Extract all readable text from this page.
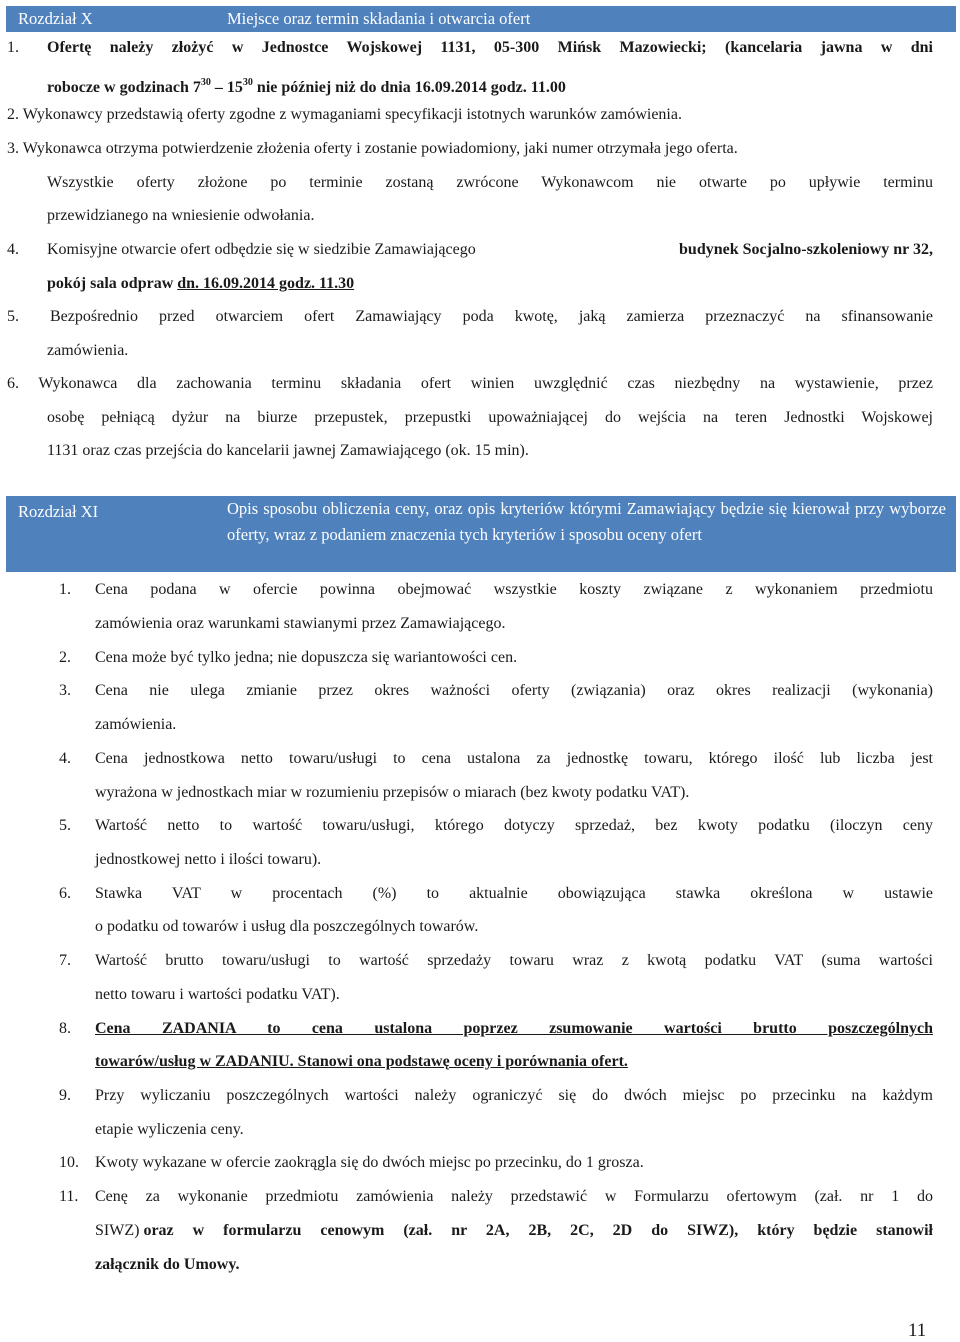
Rozdział X	Miejsce oraz termin składania i otwarcia ofert
1. Ofertę należy złożyć w Jednostce Wojskowej 1131, 05-300 Mińsk Mazowiecki; (kancelaria jawna w dni
robocze w godzinach $7^{30} - 15^{30}$ nie później niż do dnia 16.09.2014 godz. 11.00
2. Wykonawcy przedstawią oferty zgodne z wymaganiami specyfikacji istotnych warunków zamówienia.
3. Wykonawca otrzyma potwierdzenie złożenia oferty i zostanie powiadomiony, jaki numer otrzymała jego oferta.
Wszystkie oferty złożone po terminie zostaną zwrócone Wykonawcom nie otwarte po upływie terminu
przewidzianego na wniesienie odwołania.
4. Komisyjne otwarcie ofert odbędzie się w siedzibie Zamawiającego	budynek Socjalno-szkoleniowy nr 32,
pokój sala odpraw dn. 16.09.2014 godz. 11.30
5. Bezpośrednio przed otwarciem ofert Zamawiający poda kwotę, jaką zamierza przeznaczyć na sfinansowanie
zamówienia.
6. Wykonawca dla zachowania terminu składania ofert winien uwzględnić czas niezbędny na wystawienie, przez
osobę pełniącą dyżur na biurze przepustek, przepustki upoważniającej do wejścia na teren Jednostki Wojskowej
1131 oraz czas przejścia do kancelarii jawnej Zamawiającego (ok. 15 min).
Rozdział XI	Opis sposobu obliczenia ceny, oraz opis kryteriów którymi Zamawiający będzie się kierował przy wyborze oferty, wraz z podaniem znaczenia tych kryteriów i sposobu oceny ofert
1. Cena podana w ofercie powinna obejmować wszystkie koszty związane z wykonaniem przedmiotu
zamówienia oraz warunkami stawianymi przez Zamawiającego.
2. Cena może być tylko jedna; nie dopuszcza się wariantowości cen.
3. Cena nie ulega zmianie przez okres ważności oferty (związania) oraz okres realizacji (wykonania)
zamówienia.
4. Cena jednostkowa netto towaru/usługi to cena ustalona za jednostkę towaru, którego ilość lub liczba jest
wyrażona w jednostkach miar w rozumieniu przepisów o miarach (bez kwoty podatku VAT).
5. Wartość netto to wartość towaru/usługi, którego dotyczy sprzedaż, bez kwoty podatku (iloczyn ceny
jednostkowej netto i ilości towaru).
6. Stawka VAT w procentach (%) to aktualnie obowiązująca stawka określona w ustawie
o podatku od towarów i usług dla poszczególnych towarów.
7. Wartość brutto towaru/usługi to wartość sprzedaży towaru wraz z kwotą podatku VAT (suma wartości
netto towaru i wartości podatku VAT).
8. Cena ZADANIA to cena ustalona poprzez zsumowanie wartości brutto poszczególnych
towarów/usług w ZADANIU. Stanowi ona podstawę oceny i porównania ofert.
9. Przy wyliczaniu poszczególnych wartości należy ograniczyć się do dwóch miejsc po przecinku na każdym
etapie wyliczenia ceny.
10. Kwoty wykazane w ofercie zaokrągla się do dwóch miejsc po przecinku, do 1 grosza.
11. Cenę za wykonanie przedmiotu zamówienia należy przedstawić w Formularzu ofertowym (zał. nr 1 do
SIWZ) oraz w formularzu cenowym (zał. nr 2A, 2B, 2C, 2D do SIWZ), który będzie stanowił
załącznik do Umowy.
11
